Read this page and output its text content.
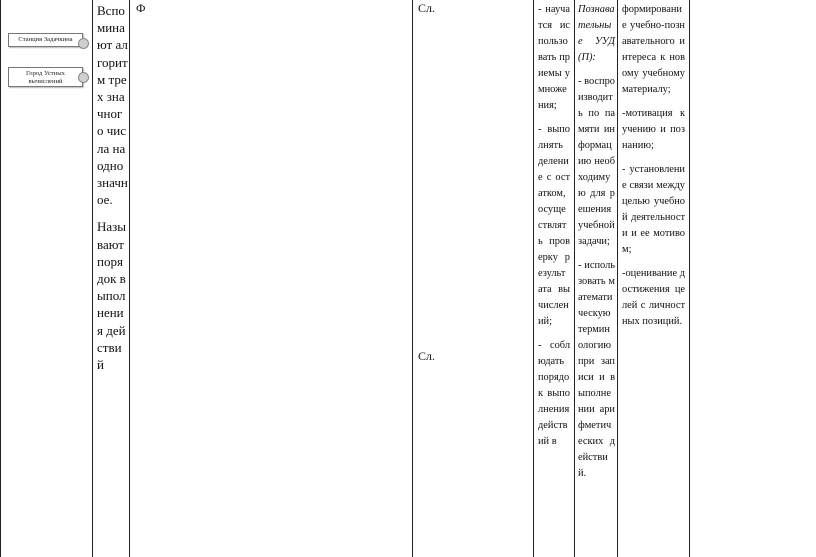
Станция Задачкина
Город Устных вычислений

Вспоминают алгоритм трех значного числа на одно значное.

Называют порядок выполнения действий

Ф	Сл.
Сл.

- научатся использовать приемы умножения;

- выполнять деление с остатком, осуществлять проверку результата вычислений;

- соблюдать порядок выполнения действий в

Познавательные УУД (П):

- воспроизводить по памяти информацию необходимую для решения учебной задачи;

- использовать математическую терминологию при записи и выполнении арифметических действий.

формирование учебно-познавательного интереса к новому учебному материалу;

-мотивация к учению и познанию;

- установление связи между целью учебной деятельности и ее мотивом;

-оценивание достижения целей с личностных позиций.
